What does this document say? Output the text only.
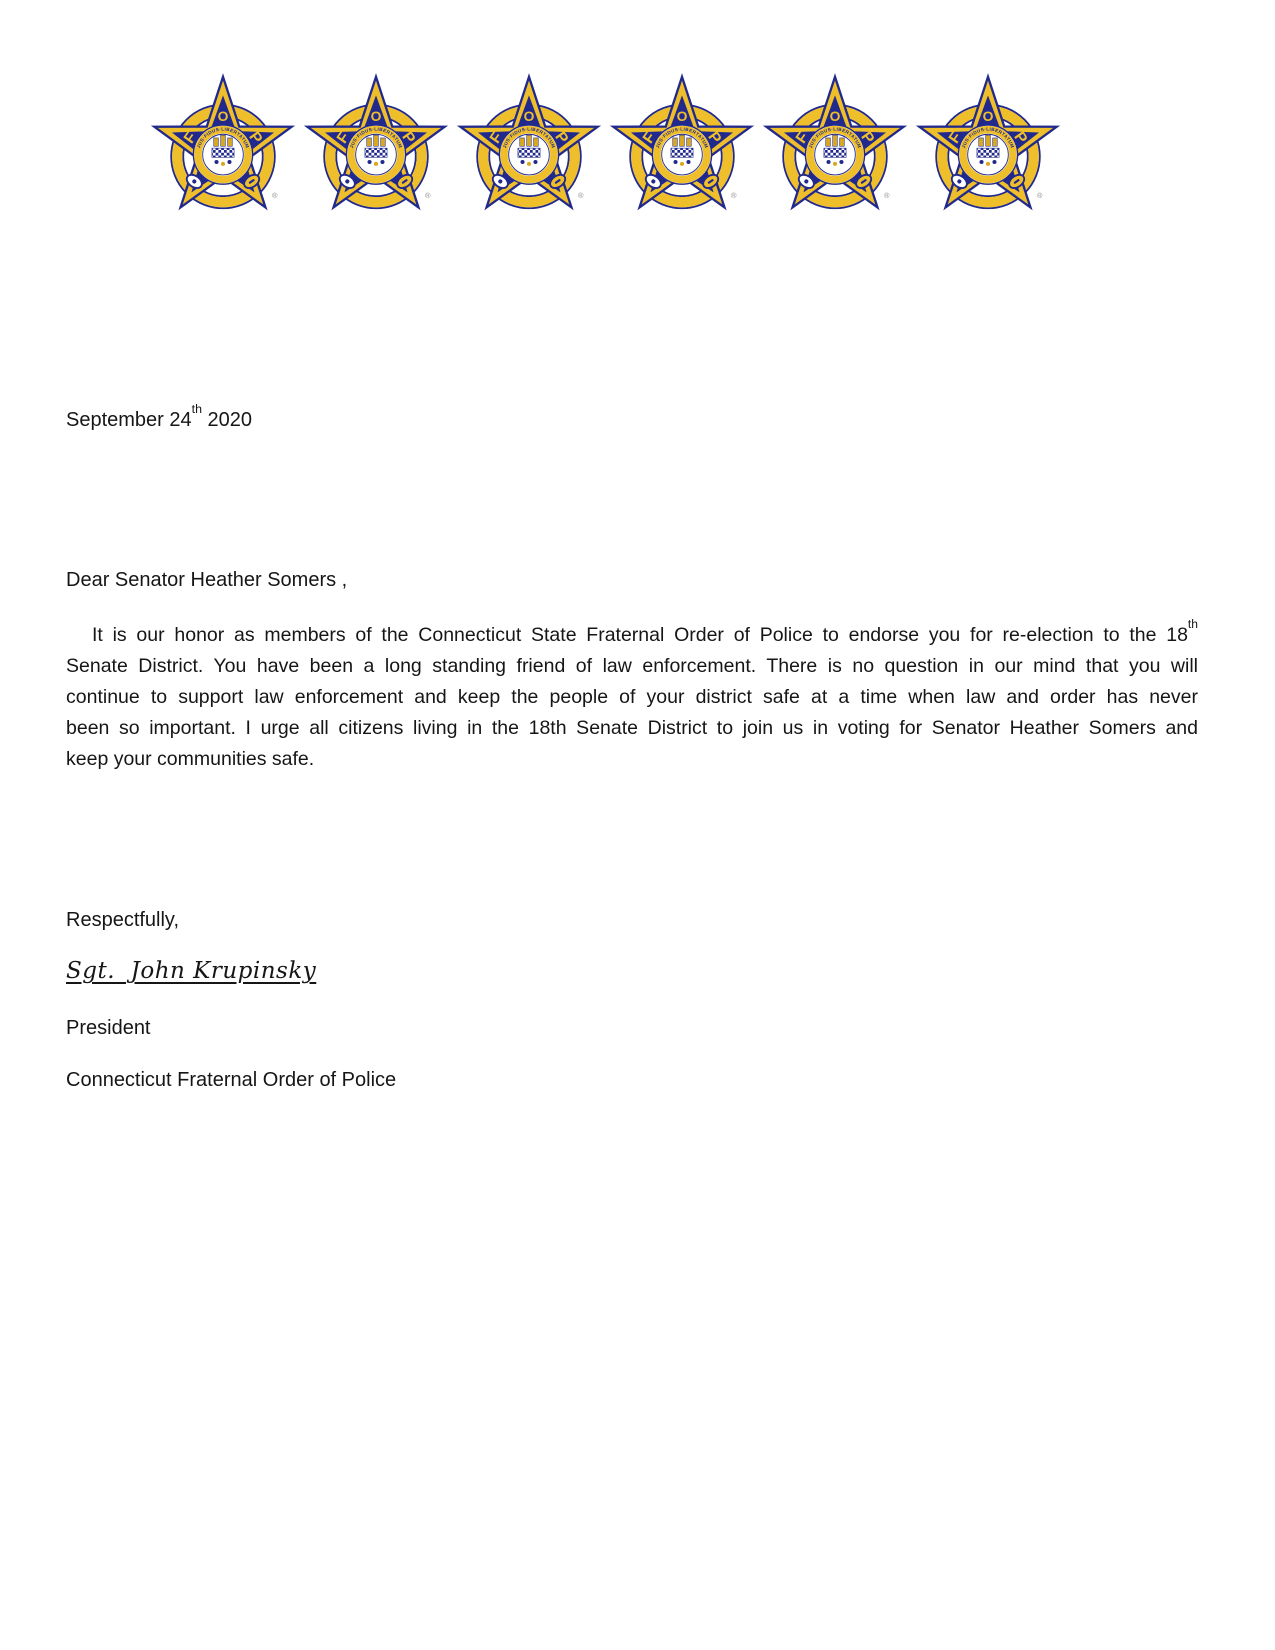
September 24th 2020
Dear Senator Heather Somers ,
It is our honor as members of the Connecticut State Fraternal Order of Police to endorse you for re-election to the 18th
Senate District. You have been a long standing friend of law enforcement. There is no question in our mind that you will
continue to support law enforcement and keep the people of your district safe at a time when law and order has never
been so important. I urge all citizens living in the 18th Senate District to join us in voting for Senator Heather Somers and
keep your communities safe.
Respectfully,
Sgt.  John Krupinsky
President
Connecticut Fraternal Order of Police
